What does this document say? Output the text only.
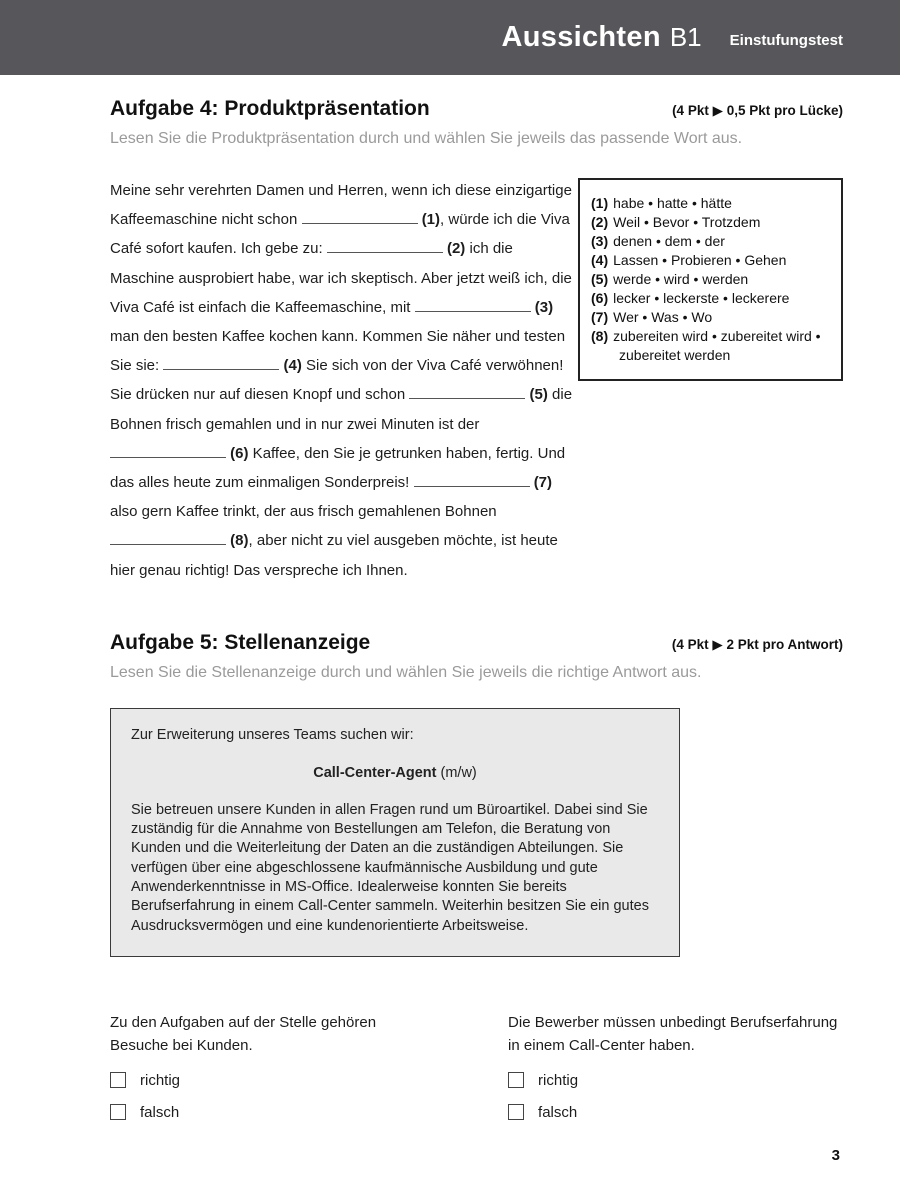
Aussichten B1 Einstufungstest
Aufgabe 4: Produktpräsentation	(4 Pkt ▶ 0,5 Pkt pro Lücke)

Lesen Sie die Produktpräsentation durch und wählen Sie jeweils das passende Wort aus.

Meine sehr verehrten Damen und Herren, wenn ich diese einzigartige Kaffeemaschine nicht schon	(1), würde ich die Viva Café sofort kaufen. Ich gebe zu:	(2) ich die Maschine ausprobiert habe, war ich skeptisch. Aber jetzt weiß ich, die Viva Café ist einfach die Kaffeemaschine, mit	(3) man den besten Kaffee kochen kann. Kommen Sie näher und testen Sie sie:	(4) Sie sich von der Viva Café verwöhnen! Sie drücken nur auf diesen Knopf und schon	(5) die Bohnen frisch gemahlen und in nur zwei Minuten ist der  (6) Kaffee, den Sie je getrunken haben, fertig. Und das alles heute zum einmaligen Sonderpreis!	(7) also gern Kaffee trinkt, der aus frisch gemahlenen Bohnen  (8), aber nicht zu viel ausgeben möchte, ist heute hier genau richtig! Das verspreche ich Ihnen.

(1) habe • hatte • hätte
(2) Weil • Bevor • Trotzdem
(3) denen • dem • der
(4) Lassen • Probieren • Gehen
(5) werde • wird • werden
(6) lecker • leckerste • leckerere
(7) Wer • Was • Wo
(8) zubereiten wird • zubereitet wird • zubereitet werden
Aufgabe 5: Stellenanzeige	(4 Pkt ▶ 2 Pkt pro Antwort)

Lesen Sie die Stellenanzeige durch und wählen Sie jeweils die richtige Antwort aus.

Zur Erweiterung unseres Teams suchen wir:
Call-Center-Agent (m/w)
Sie betreuen unsere Kunden in allen Fragen rund um Büroartikel. Dabei sind Sie zuständig für die Annahme von Bestellungen am Telefon, die Beratung von Kunden und die Weiterleitung der Daten an die zuständigen Abteilungen. Sie verfügen über eine abgeschlossene kaufmännische Ausbildung und gute Anwenderkenntnisse in MS-Office. Idealerweise konnten Sie bereits Berufserfahrung in einem Call-Center sammeln. Weiterhin besitzen Sie ein gutes Ausdrucksvermögen und eine kundenorientierte Arbeitsweise.

Zu den Aufgaben auf der Stelle gehören Besuche bei Kunden.

richtig
falsch

Die Bewerber müssen unbedingt Berufserfahrung in einem Call-Center haben.

richtig
falsch
3
